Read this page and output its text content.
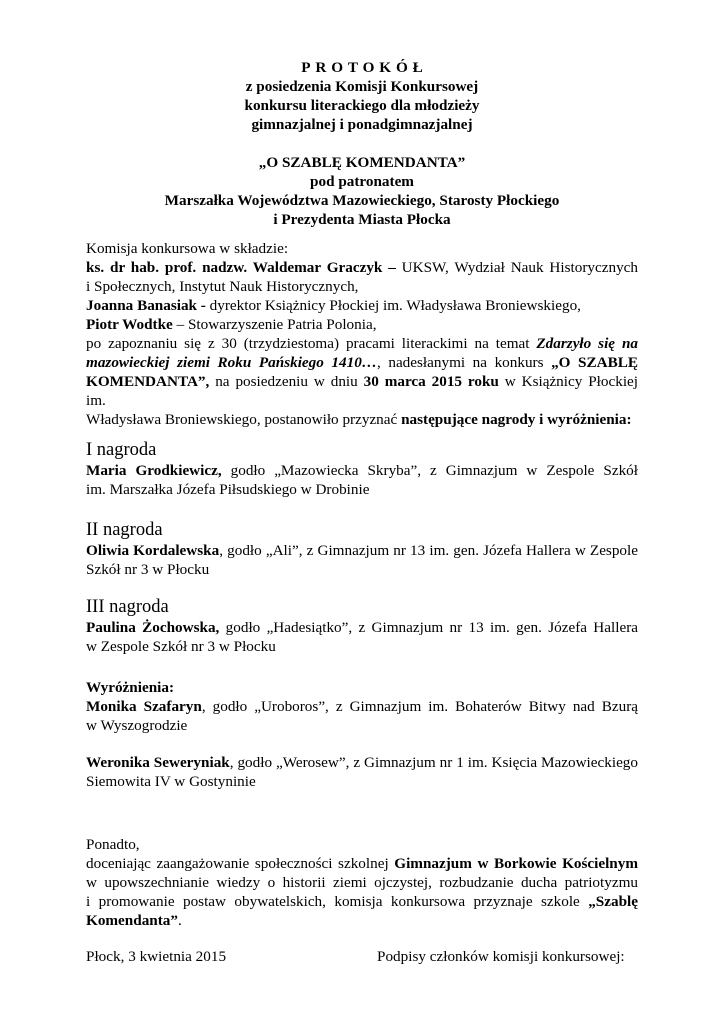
PROTOKÓŁ
z posiedzenia Komisji Konkursowej
konkursu literackiego dla młodzieży
gimnazjalnej i ponadgimnazjalnej
„O SZABLĘ KOMENDANTA”
pod patronatem
Marszałka Województwa Mazowieckiego, Starosty Płockiego
i Prezydenta Miasta Płocka

Komisja konkursowa w składzie:

ks. dr hab. prof. nadzw. Waldemar Graczyk – UKSW, Wydział Nauk Historycznych

i Społecznych, Instytut Nauk Historycznych,

Joanna Banasiak - dyrektor Książnicy Płockiej im. Władysława Broniewskiego,

Piotr Wodtke – Stowarzyszenie Patria Polonia,

po zapoznaniu się z 30 (trzydziestoma) pracami literackimi na temat Zdarzyło się na

mazowieckiej ziemi Roku Pańskiego 1410…, nadesłanymi na konkurs „O SZABLĘ

KOMENDANTA”, na posiedzeniu w dniu 30 marca 2015 roku w Książnicy Płockiej im.

Władysława Broniewskiego, postanowiło przyznać następujące nagrody i wyróżnienia:

I nagroda

Maria Grodkiewicz, godło „Mazowiecka Skryba”, z Gimnazjum w Zespole Szkół

im. Marszałka Józefa Piłsudskiego w Drobinie

II nagroda

Oliwia Kordalewska, godło „Ali”, z Gimnazjum nr 13 im. gen. Józefa Hallera w Zespole

Szkół nr 3 w Płocku

III nagroda

Paulina Żochowska, godło „Hadesiątko”, z Gimnazjum nr 13 im. gen. Józefa Hallera

w Zespole Szkół nr 3 w Płocku

Wyróżnienia:

Monika Szafaryn, godło „Uroboros”, z Gimnazjum im. Bohaterów Bitwy nad Bzurą

w Wyszogrodzie

Weronika Seweryniak, godło „Werosew”, z Gimnazjum nr 1 im. Księcia Mazowieckiego

Siemowita IV w Gostyninie

Ponadto,

doceniając zaangażowanie społeczności szkolnej Gimnazjum w Borkowie Kościelnym

w upowszechnianie wiedzy o historii ziemi ojczystej, rozbudzanie ducha patriotyzmu

i promowanie postaw obywatelskich, komisja konkursowa przyznaje szkole „Szablę

Komendanta”.

Płock, 3 kwietnia 2015	Podpisy członków komisji konkursowej:
